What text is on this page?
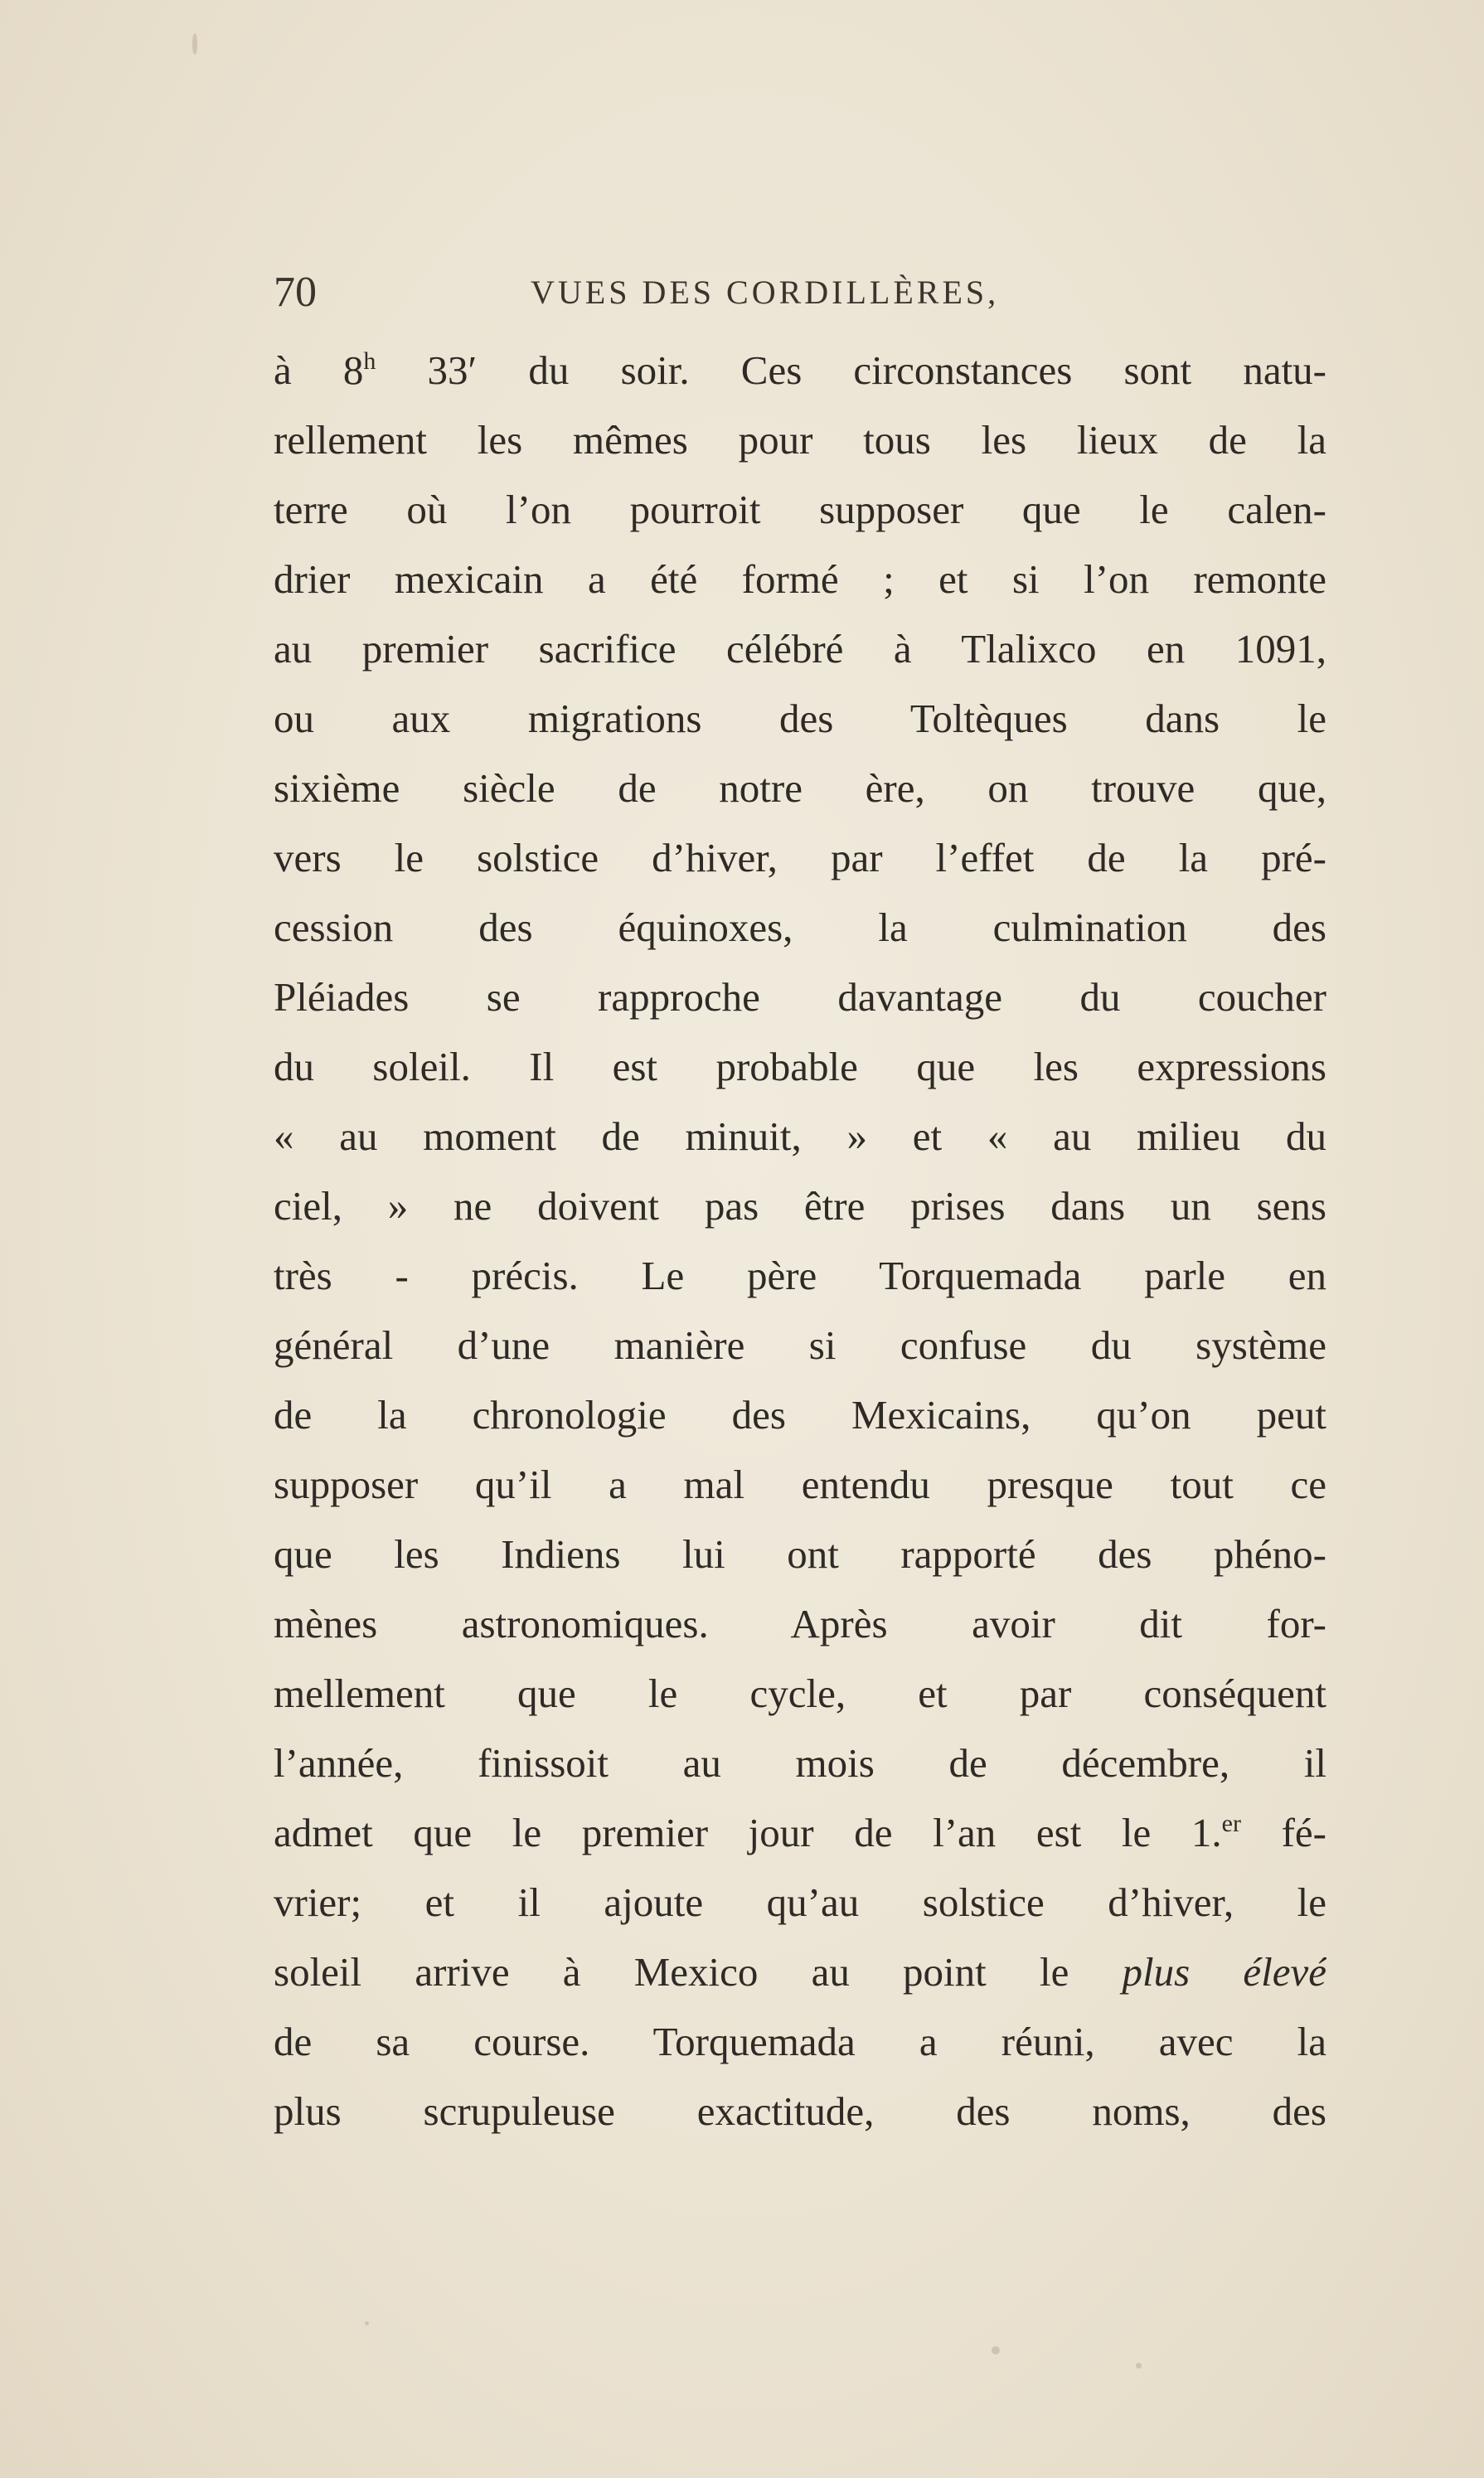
70	VUES DES CORDILLÈRES,
à 8$^h$ 33′ du soir. Ces circonstances sont natu-
rellement les mêmes pour tous les lieux de la
terre où l’on pourroit supposer que le calen-
drier mexicain a été formé ; et si l’on remonte
au premier sacrifice célébré à Tlalixco en 1091,
ou aux migrations des Toltèques dans le
sixième siècle de notre ère, on trouve que,
vers le solstice d’hiver, par l’effet de la pré-
cession des équinoxes, la culmination des
Pléiades se rapproche davantage du coucher
du soleil. Il est probable que les expressions
« au moment de minuit, » et « au milieu du
ciel, » ne doivent pas être prises dans un sens
très - précis. Le père Torquemada parle en
général d’une manière si confuse du système
de la chronologie des Mexicains, qu’on peut
supposer qu’il a mal entendu presque tout ce
que les Indiens lui ont rapporté des phéno-
mènes astronomiques. Après avoir dit for-
mellement que le cycle, et par conséquent
l’année, finissoit au mois de décembre, il
admet que le premier jour de l’an est le 1.$^{er}$ fé-
vrier; et il ajoute qu’au solstice d’hiver, le
soleil arrive à Mexico au point le plus élevé
de sa course. Torquemada a réuni, avec la
plus scrupuleuse exactitude, des noms, des
